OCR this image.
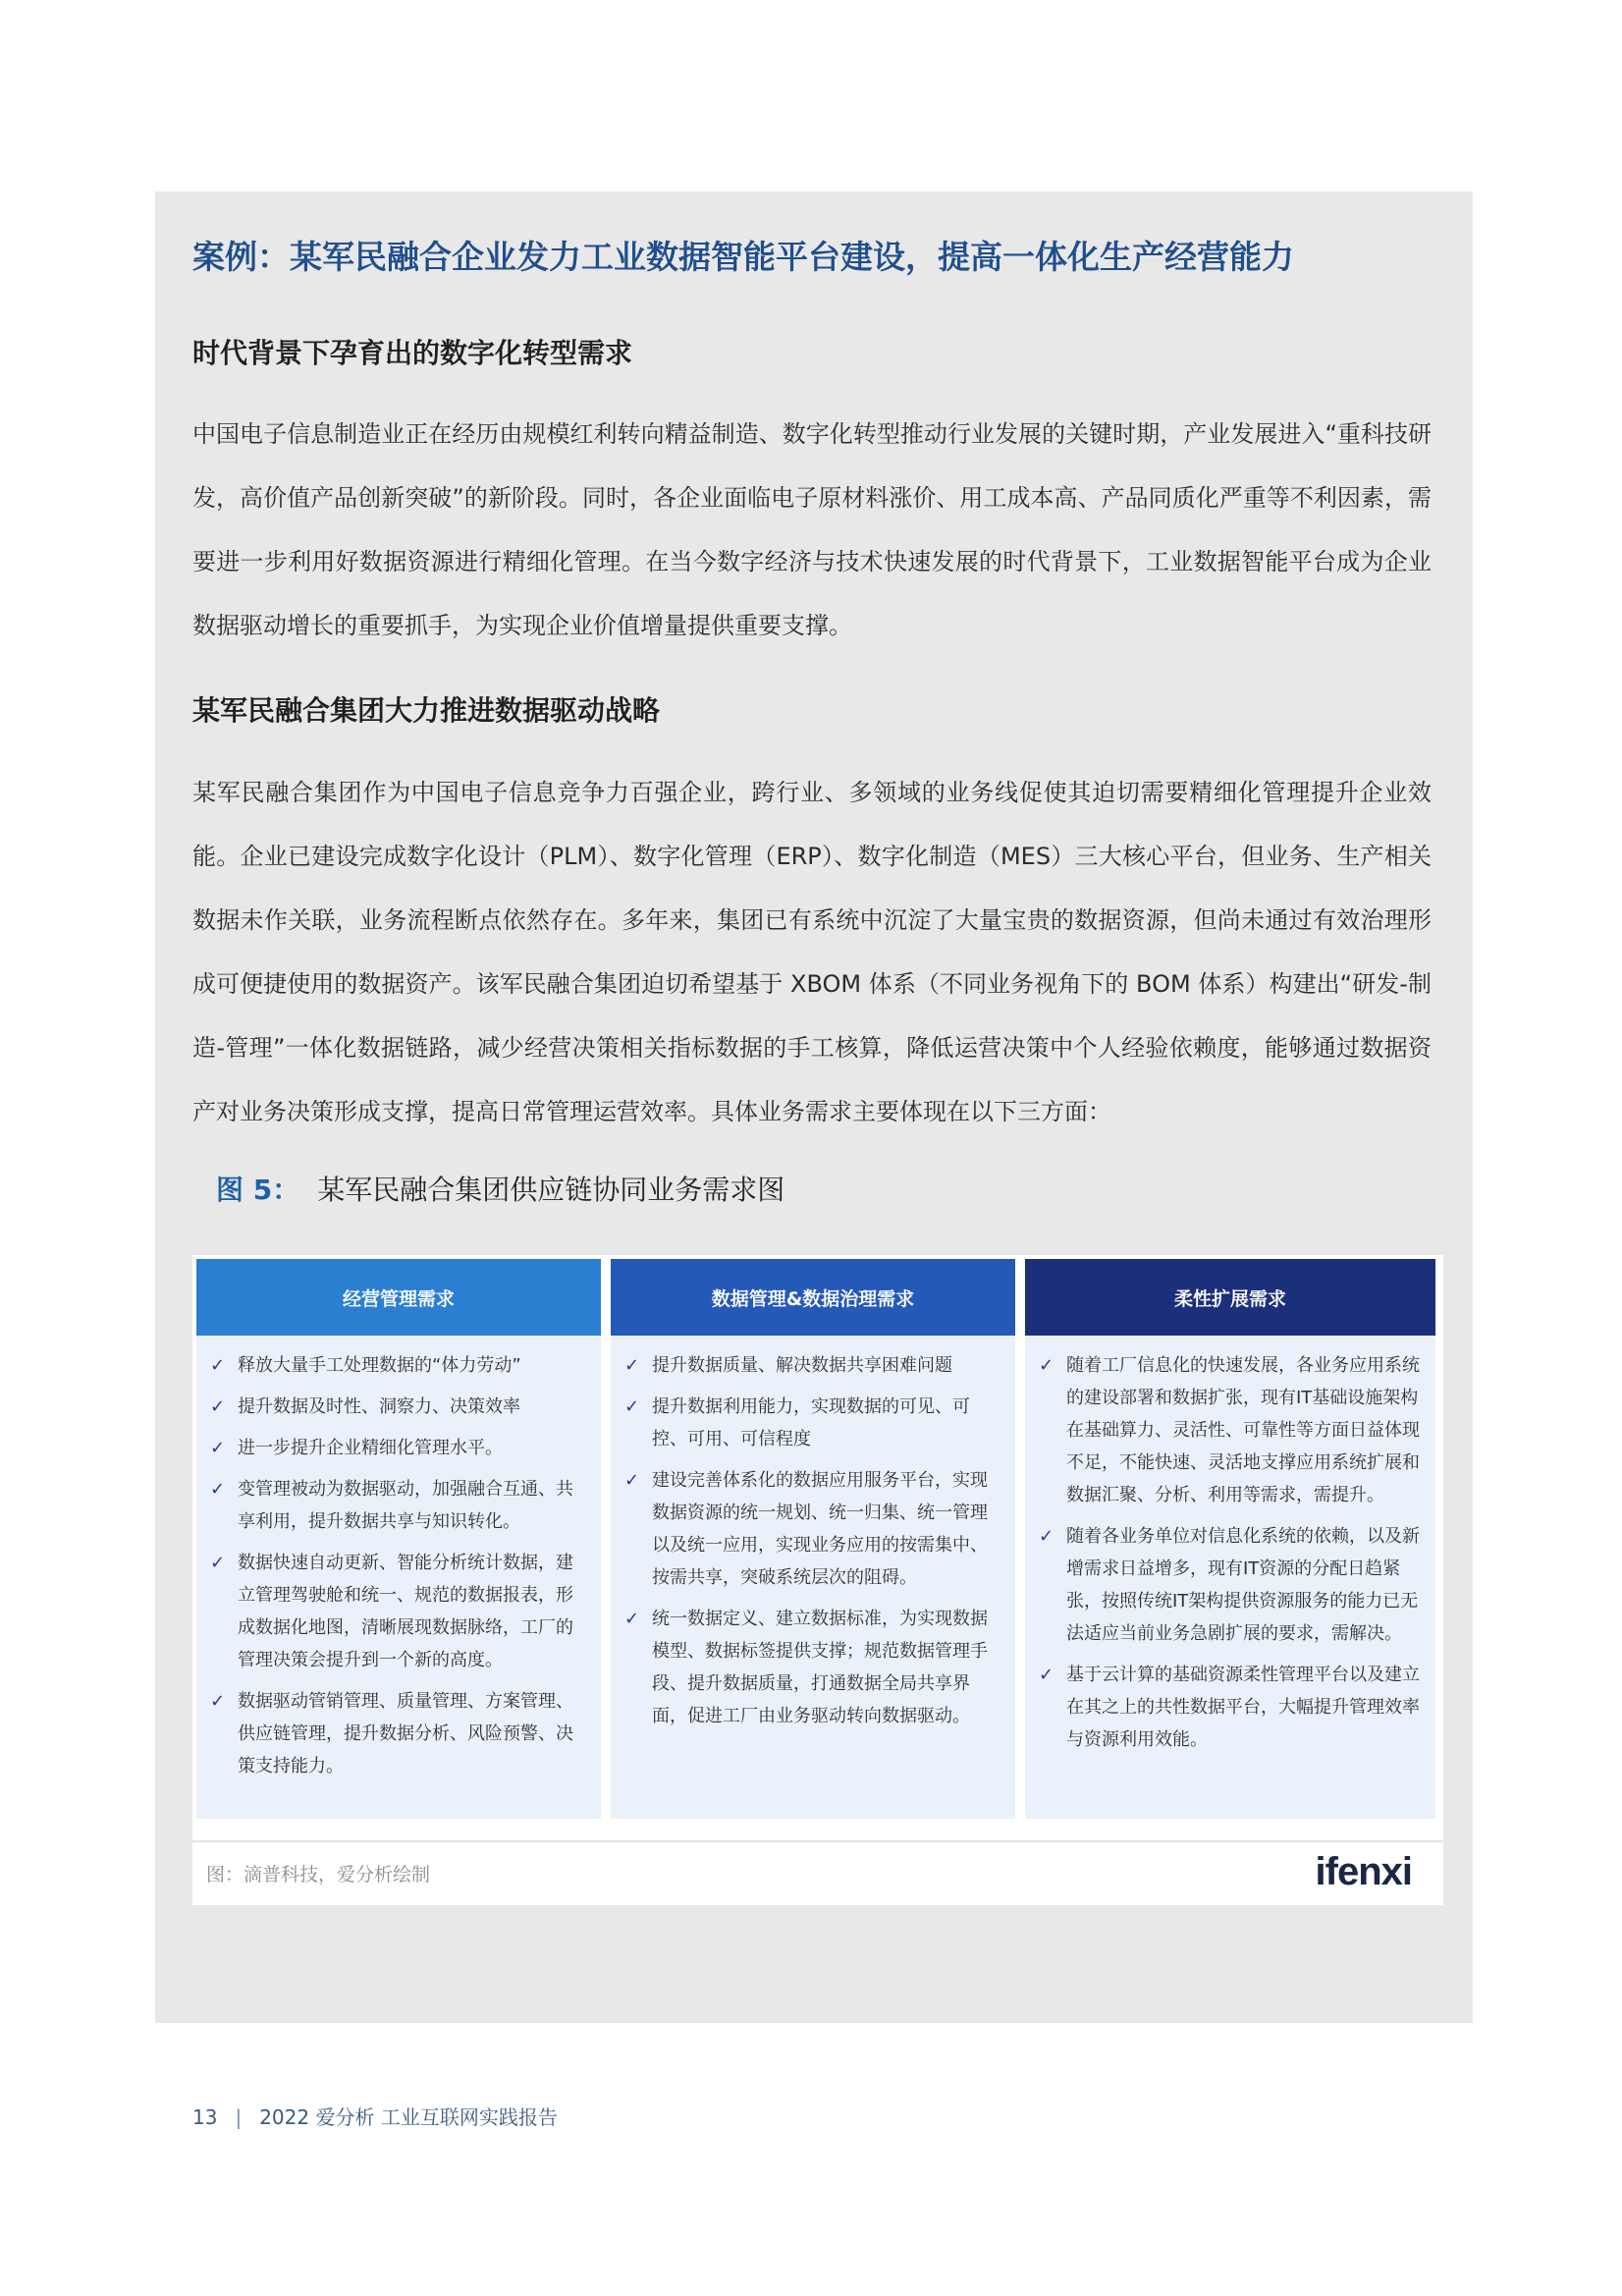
案例：某军民融合企业发力工业数据智能平台建设，提高一体化生产经营能力
时代背景下孕育出的数字化转型需求

中国电子信息制造业正在经历由规模红利转向精益制造、数字化转型推动行业发展的关键时期，产业发展进入“重科技研发，高价值产品创新突破”的新阶段。同时，各企业面临电子原材料涨价、用工成本高、产品同质化严重等不利因素，需要进一步利用好数据资源进行精细化管理。在当今数字经济与技术快速发展的时代背景下，工业数据智能平台成为企业数据驱动增长的重要抓手，为实现企业价值增量提供重要支撑。

某军民融合集团大力推进数据驱动战略

某军民融合集团作为中国电子信息竞争力百强企业，跨行业、多领域的业务线促使其迫切需要精细化管理提升企业效能。企业已建设完成数字化设计（PLM）、数字化管理（ERP）、数字化制造（MES）三大核心平台，但业务、生产相关数据未作关联，业务流程断点依然存在。多年来，集团已有系统中沉淀了大量宝贵的数据资源，但尚未通过有效治理形成可便捷使用的数据资产。该军民融合集团迫切希望基于 XBOM 体系（不同业务视角下的 BOM 体系）构建出“研发-制造-管理”一体化数据链路，减少经营决策相关指标数据的手工核算，降低运营决策中个人经验依赖度，能够通过数据资产对业务决策形成支撑，提高日常管理运营效率。具体业务需求主要体现在以下三方面：

图 5： 某军民融合集团供应链协同业务需求图
经营管理需求
✓ 释放大量手工处理数据的“体力劳动”
✓ 提升数据及时性、洞察力、决策效率
✓ 进一步提升企业精细化管理水平。
✓ 变管理被动为数据驱动，加强融合互通、共享利用，提升数据共享与知识转化。
✓ 数据快速自动更新、智能分析统计数据，建立管理驾驶舱和统一、规范的数据报表，形成数据化地图，清晰展现数据脉络，工厂的管理决策会提升到一个新的高度。
✓ 数据驱动管销管理、质量管理、方案管理、供应链管理，提升数据分析、风险预警、决策支持能力。
数据管理&数据治理需求
✓ 提升数据质量、解决数据共享困难问题
✓ 提升数据利用能力，实现数据的可见、可控、可用、可信程度
✓ 建设完善体系化的数据应用服务平台，实现数据资源的统一规划、统一归集、统一管理以及统一应用，实现业务应用的按需集中、按需共享，突破系统层次的阻碍。
✓ 统一数据定义、建立数据标准，为实现数据模型、数据标签提供支撑；规范数据管理手段、提升数据质量，打通数据全局共享界面，促进工厂由业务驱动转向数据驱动。
柔性扩展需求
✓ 随着工厂信息化的快速发展，各业务应用系统的建设部署和数据扩张，现有IT基础设施架构在基础算力、灵活性、可靠性等方面日益体现不足，不能快速、灵活地支撑应用系统扩展和数据汇聚、分析、利用等需求，需提升。
✓ 随着各业务单位对信息化系统的依赖，以及新增需求日益增多，现有IT资源的分配日趋紧张，按照传统IT架构提供资源服务的能力已无法适应当前业务急剧扩展的要求，需解决。
✓ 基于云计算的基础资源柔性管理平台以及建立在其之上的共性数据平台，大幅提升管理效率与资源利用效能。
图：滴普科技，爱分析绘制	ifenxi
13 | 2022 爱分析 工业互联网实践报告
